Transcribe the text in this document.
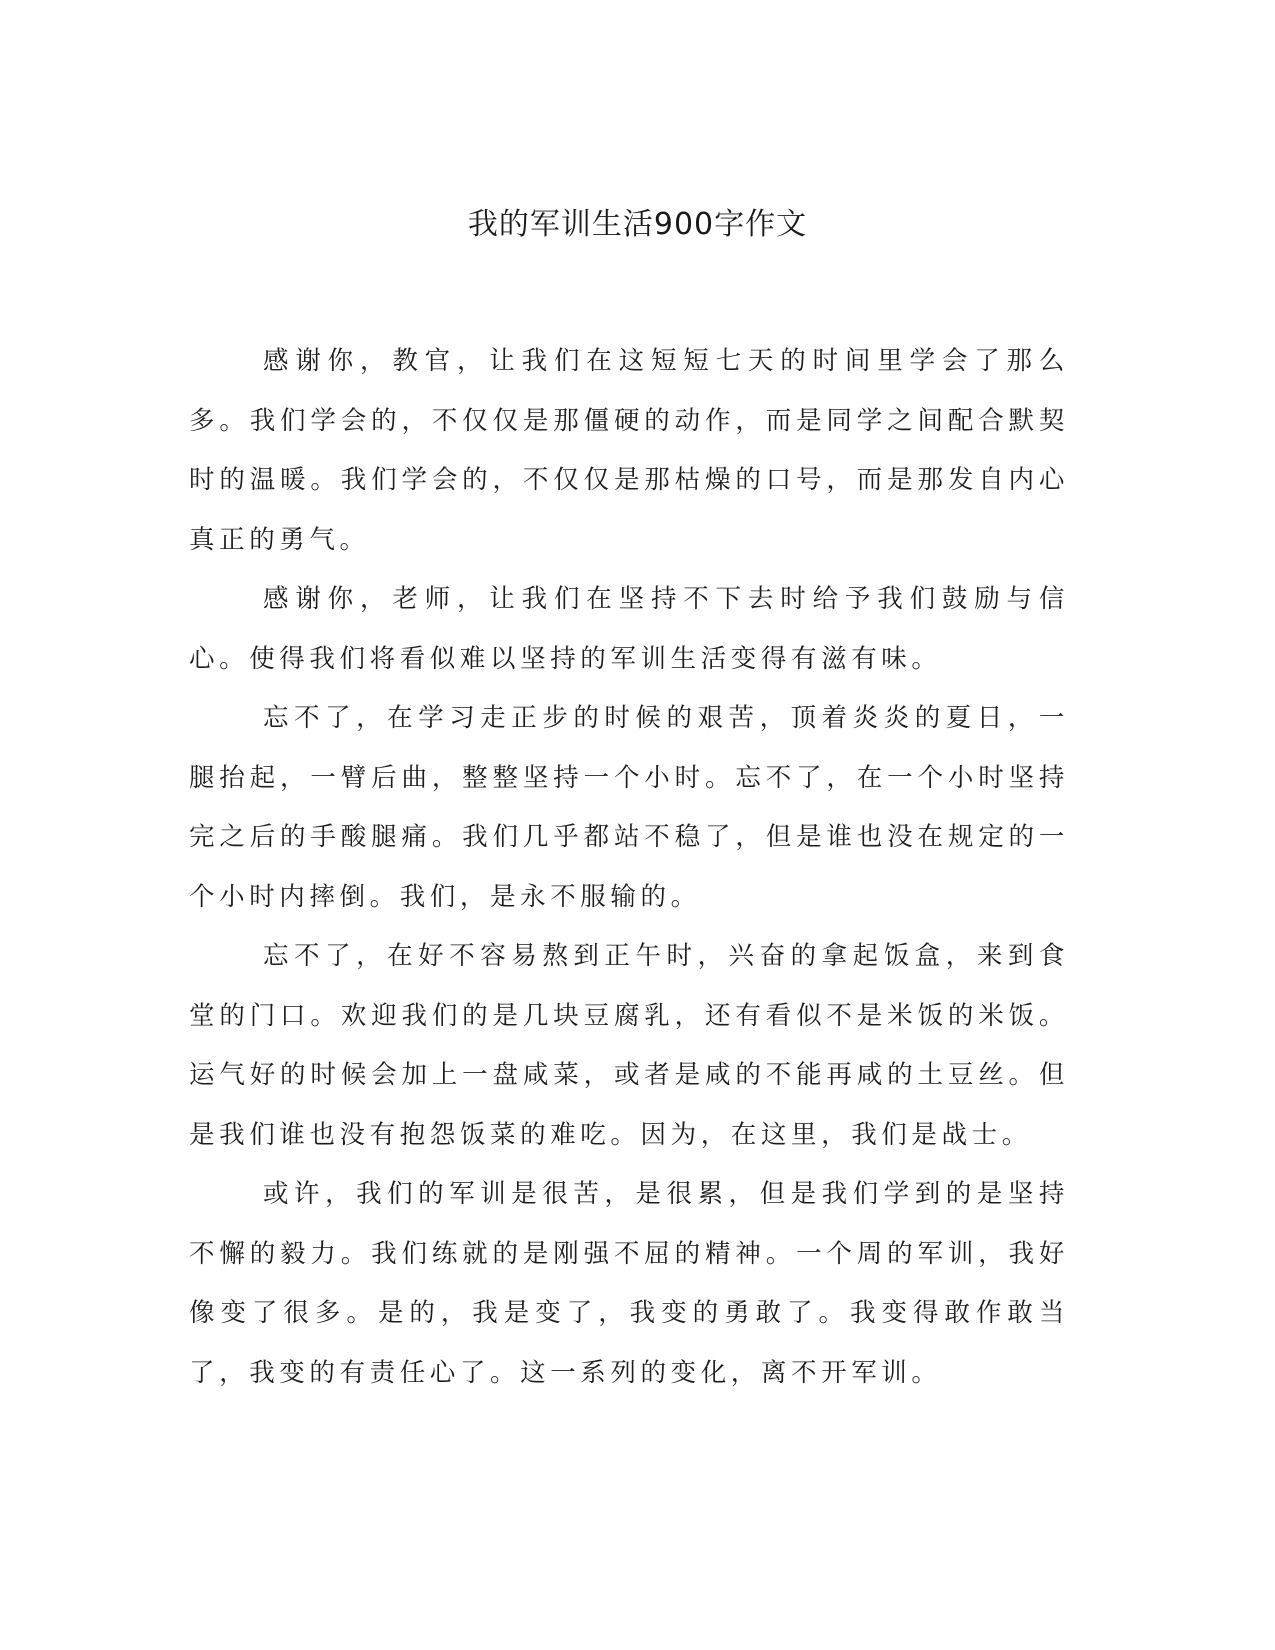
我的军训生活900字作文

感谢你，教官，让我们在这短短七天的时间里学会了那么多。我们学会的，不仅仅是那僵硬的动作，而是同学之间配合默契时的温暖。我们学会的，不仅仅是那枯燥的口号，而是那发自内心真正的勇气。

感谢你，老师，让我们在坚持不下去时给予我们鼓励与信心。使得我们将看似难以坚持的军训生活变得有滋有味。

忘不了，在学习走正步的时候的艰苦，顶着炎炎的夏日，一腿抬起，一臂后曲，整整坚持一个小时。忘不了，在一个小时坚持完之后的手酸腿痛。我们几乎都站不稳了，但是谁也没在规定的一个小时内摔倒。我们，是永不服输的。

忘不了，在好不容易熬到正午时，兴奋的拿起饭盒，来到食堂的门口。欢迎我们的是几块豆腐乳，还有看似不是米饭的米饭。运气好的时候会加上一盘咸菜，或者是咸的不能再咸的土豆丝。但是我们谁也没有抱怨饭菜的难吃。因为，在这里，我们是战士。

或许，我们的军训是很苦，是很累，但是我们学到的是坚持不懈的毅力。我们练就的是刚强不屈的精神。一个周的军训，我好像变了很多。是的，我是变了，我变的勇敢了。我变得敢作敢当了，我变的有责任心了。这一系列的变化，离不开军训。
